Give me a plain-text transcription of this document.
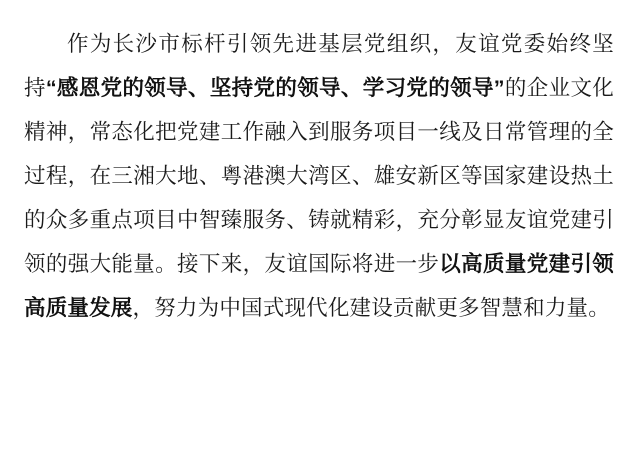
作为长沙市标杆引领先进基层党组织，友谊党委始终坚持“感恩党的领导、坚持党的领导、学习党的领导”的企业文化精神，常态化把党建工作融入到服务项目一线及日常管理的全过程，在三湘大地、粤港澳大湾区、雄安新区等国家建设热土的众多重点项目中智臻服务、铸就精彩，充分彰显友谊党建引领的强大能量。接下来，友谊国际将进一步以高质量党建引领高质量发展，努力为中国式现代化建设贡献更多智慧和力量。
